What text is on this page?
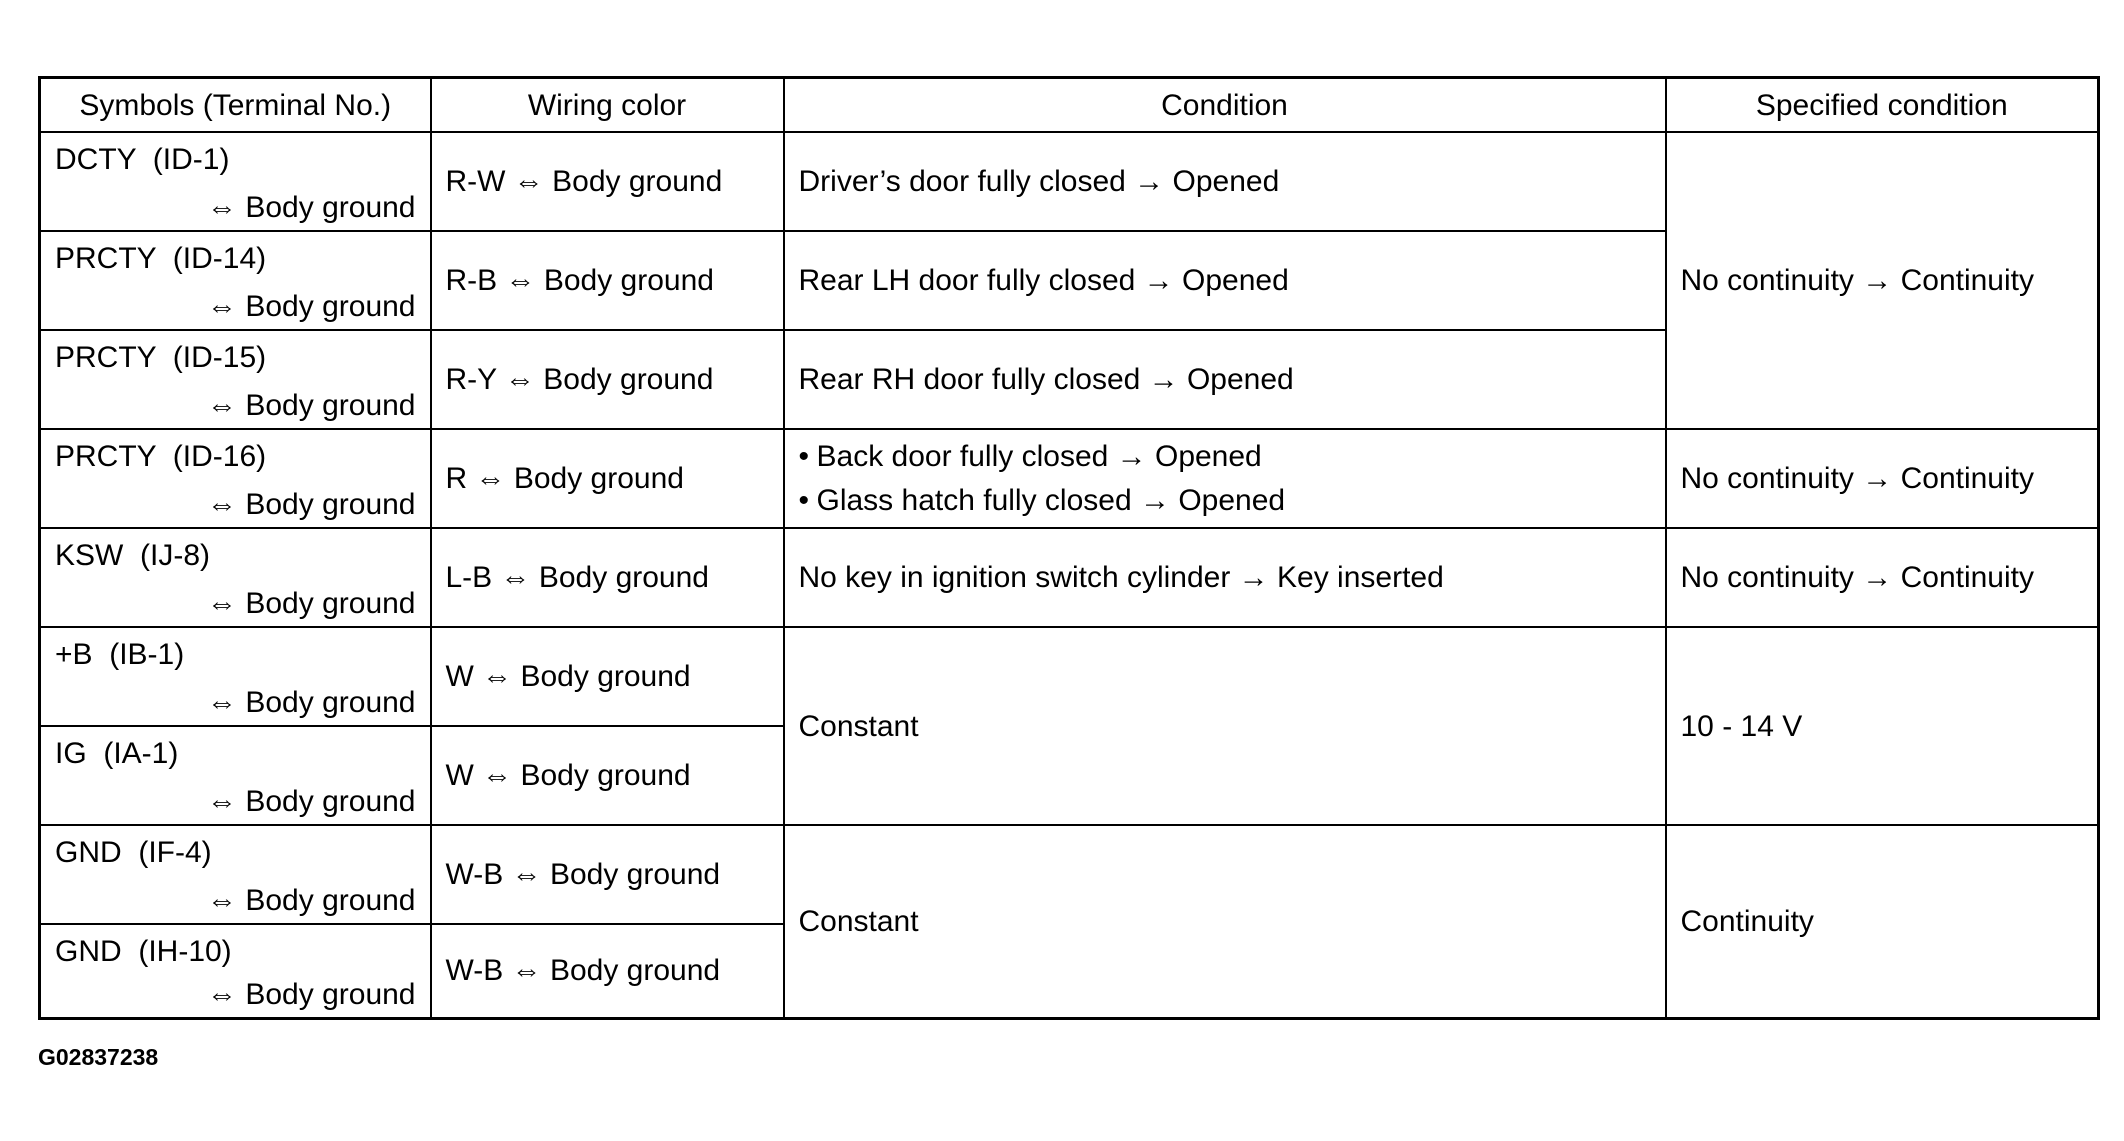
Symbols (Terminal No.)	Wiring color	Condition	Specified condition

DCTY  (ID-1)
⇔ Body ground	R-W ⇔ Body ground	Driver’s door fully closed → Opened	No continuity → Continuity

PRCTY  (ID-14)
⇔ Body ground	R-B ⇔ Body ground	Rear LH door fully closed → Opened	

PRCTY  (ID-15)
⇔ Body ground	R-Y ⇔ Body ground	Rear RH door fully closed → Opened	

PRCTY  (ID-16)
⇔ Body ground	R ⇔ Body ground	• Back door fully closed → Opened
• Glass hatch fully closed → Opened	No continuity → Continuity

KSW  (IJ-8)
⇔ Body ground	L-B ⇔ Body ground	No key in ignition switch cylinder → Key inserted	No continuity → Continuity

+B  (IB-1)
⇔ Body ground	W ⇔ Body ground	Constant	10 - 14 V

IG  (IA-1)
⇔ Body ground	W ⇔ Body ground		

GND  (IF-4)
⇔ Body ground	W-B ⇔ Body ground	Constant	Continuity

GND  (IH-10)
⇔ Body ground	W-B ⇔ Body ground		
G02837238
